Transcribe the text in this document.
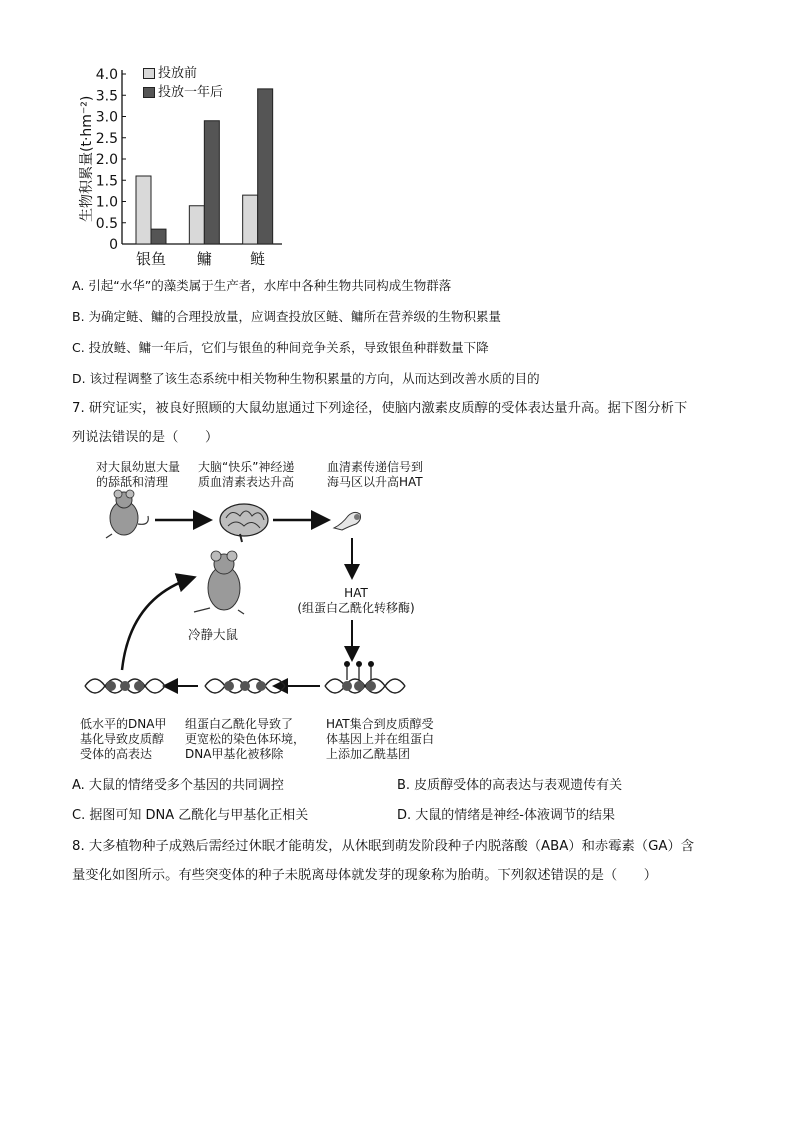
0
0.5
1.0
1.5
2.0
2.5
3.0
3.5
4.0
银鱼 鳙	鲢
生物积累量(t·hm⁻²)
投放前
投放一年后
A. 引起“水华”的藻类属于生产者，水库中各种生物共同构成生物群落
B. 为确定鲢、鳙的合理投放量，应调查投放区鲢、鳙所在营养级的生物积累量
C. 投放鲢、鳙一年后，它们与银鱼的种间竞争关系，导致银鱼种群数量下降
D. 该过程调整了该生态系统中相关物种生物积累量的方向，从而达到改善水质的目的
7. 研究证实，被良好照顾的大鼠幼崽通过下列途径，使脑内激素皮质醇的受体表达量升高。据下图分析下
列说法错误的是（　　）
对大鼠幼崽大量
的舔舐和清理
大脑“快乐”神经递
质血清素表达升高
血清素传递信号到
海马区以升高HAT
HAT
(组蛋白乙酰化转移酶)
冷静大鼠
低水平的DNA甲
基化导致皮质醇
受体的高表达
组蛋白乙酰化导致了
更宽松的染色体环境，
DNA甲基化被移除
HAT集合到皮质醇受
体基因上并在组蛋白
上添加乙酰基团
A. 大鼠的情绪受多个基因的共同调控	B. 皮质醇受体的高表达与表观遗传有关
C. 据图可知 DNA 乙酰化与甲基化正相关	D. 大鼠的情绪是神经-体液调节的结果
8. 大多植物种子成熟后需经过休眠才能萌发，从休眠到萌发阶段种子内脱落酸（ABA）和赤霉素（GA）含
量变化如图所示。有些突变体的种子未脱离母体就发芽的现象称为胎萌。下列叙述错误的是（　　）
